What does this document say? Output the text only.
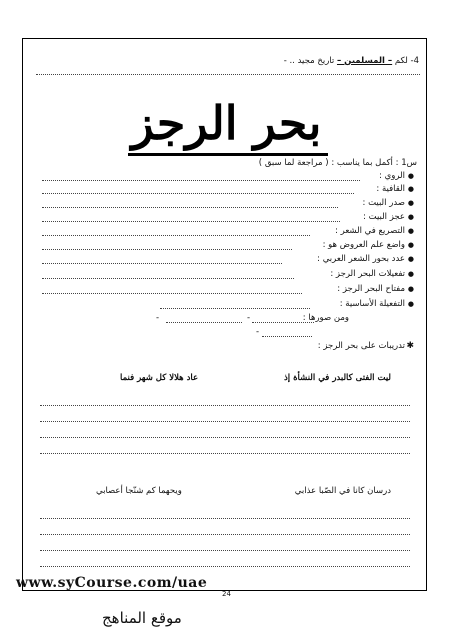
4- لكم – المسلمين – تاريخ مجيد .. -
بحر الرجز
س1 : أكمل بما يناسب : ( مراجعة لما سبق )
●
الروي :
●
القافية :
●
صدر البيت :
●
عجز البيت :
●
التصريع في الشعر :
●
واضع علم العروض هو :
●
عدد بحور الشعر العربي :
●
تفعيلات البحر الرجز :
●
مفتاح البحر الرجز :
●
التفعيلة الأساسية :
ومن صورها :
-
-
-
✱
تدريبات على بحر الرجز :
ليت الفتى كالبدر في النشأة إذ
عاد هلالا كل شهر فنما
درسان كانا في الصّبا عذابي
ويحهما كم شنّجا أعصابي
www.syCourse.com/uae
24
موقع المناهج
